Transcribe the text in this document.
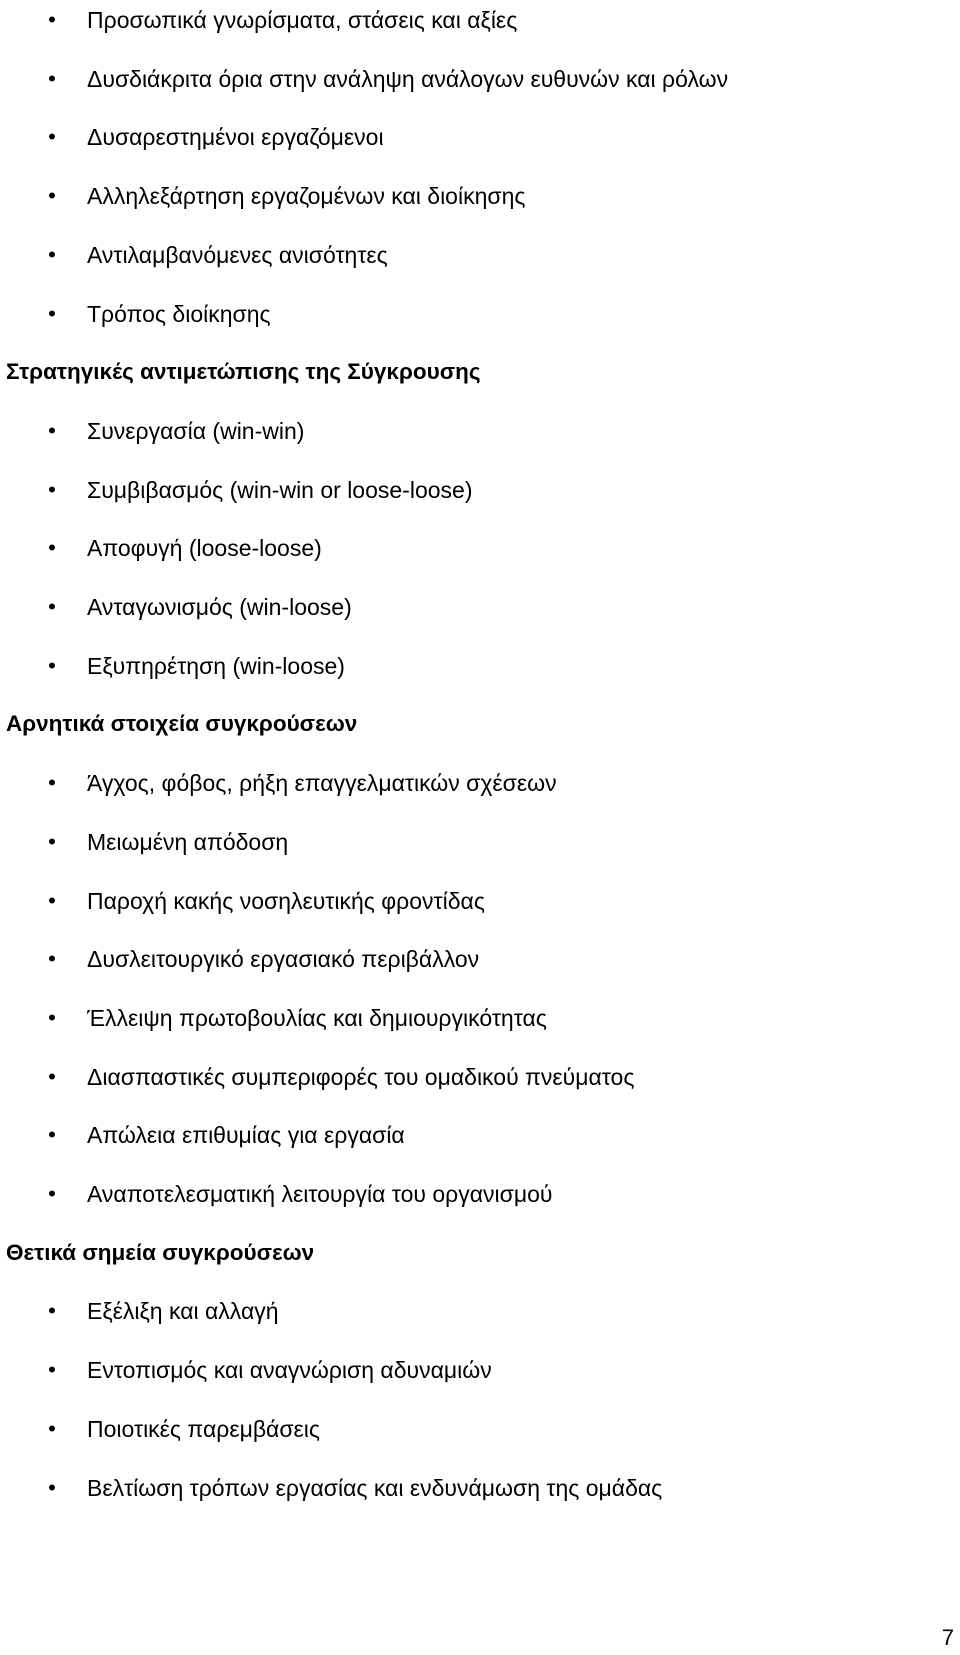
• Προσωπικά γνωρίσματα, στάσεις και αξίες
• Δυσδιάκριτα όρια στην ανάληψη ανάλογων ευθυνών και ρόλων
• Δυσαρεστημένοι εργαζόμενοι
• Αλληλεξάρτηση εργαζομένων και διοίκησης
• Αντιλαμβανόμενες ανισότητες
• Τρόπος διοίκησης
Στρατηγικές αντιμετώπισης της Σύγκρουσης
• Συνεργασία (win-win)
• Συμβιβασμός (win-win or loose-loose)
• Αποφυγή (loose-loose)
• Ανταγωνισμός (win-loose)
• Εξυπηρέτηση (win-loose)
Αρνητικά στοιχεία συγκρούσεων
• Άγχος, φόβος, ρήξη επαγγελματικών σχέσεων
• Μειωμένη απόδοση
• Παροχή κακής νοσηλευτικής φροντίδας
• Δυσλειτουργικό εργασιακό περιβάλλον
• Έλλειψη πρωτοβουλίας και δημιουργικότητας
• Διασπαστικές συμπεριφορές του ομαδικού πνεύματος
• Απώλεια επιθυμίας για εργασία
• Αναποτελεσματική λειτουργία του οργανισμού
Θετικά σημεία συγκρούσεων
• Εξέλιξη και αλλαγή
• Εντοπισμός και αναγνώριση αδυναμιών
• Ποιοτικές παρεμβάσεις
• Βελτίωση τρόπων εργασίας και ενδυνάμωση της ομάδας
7
